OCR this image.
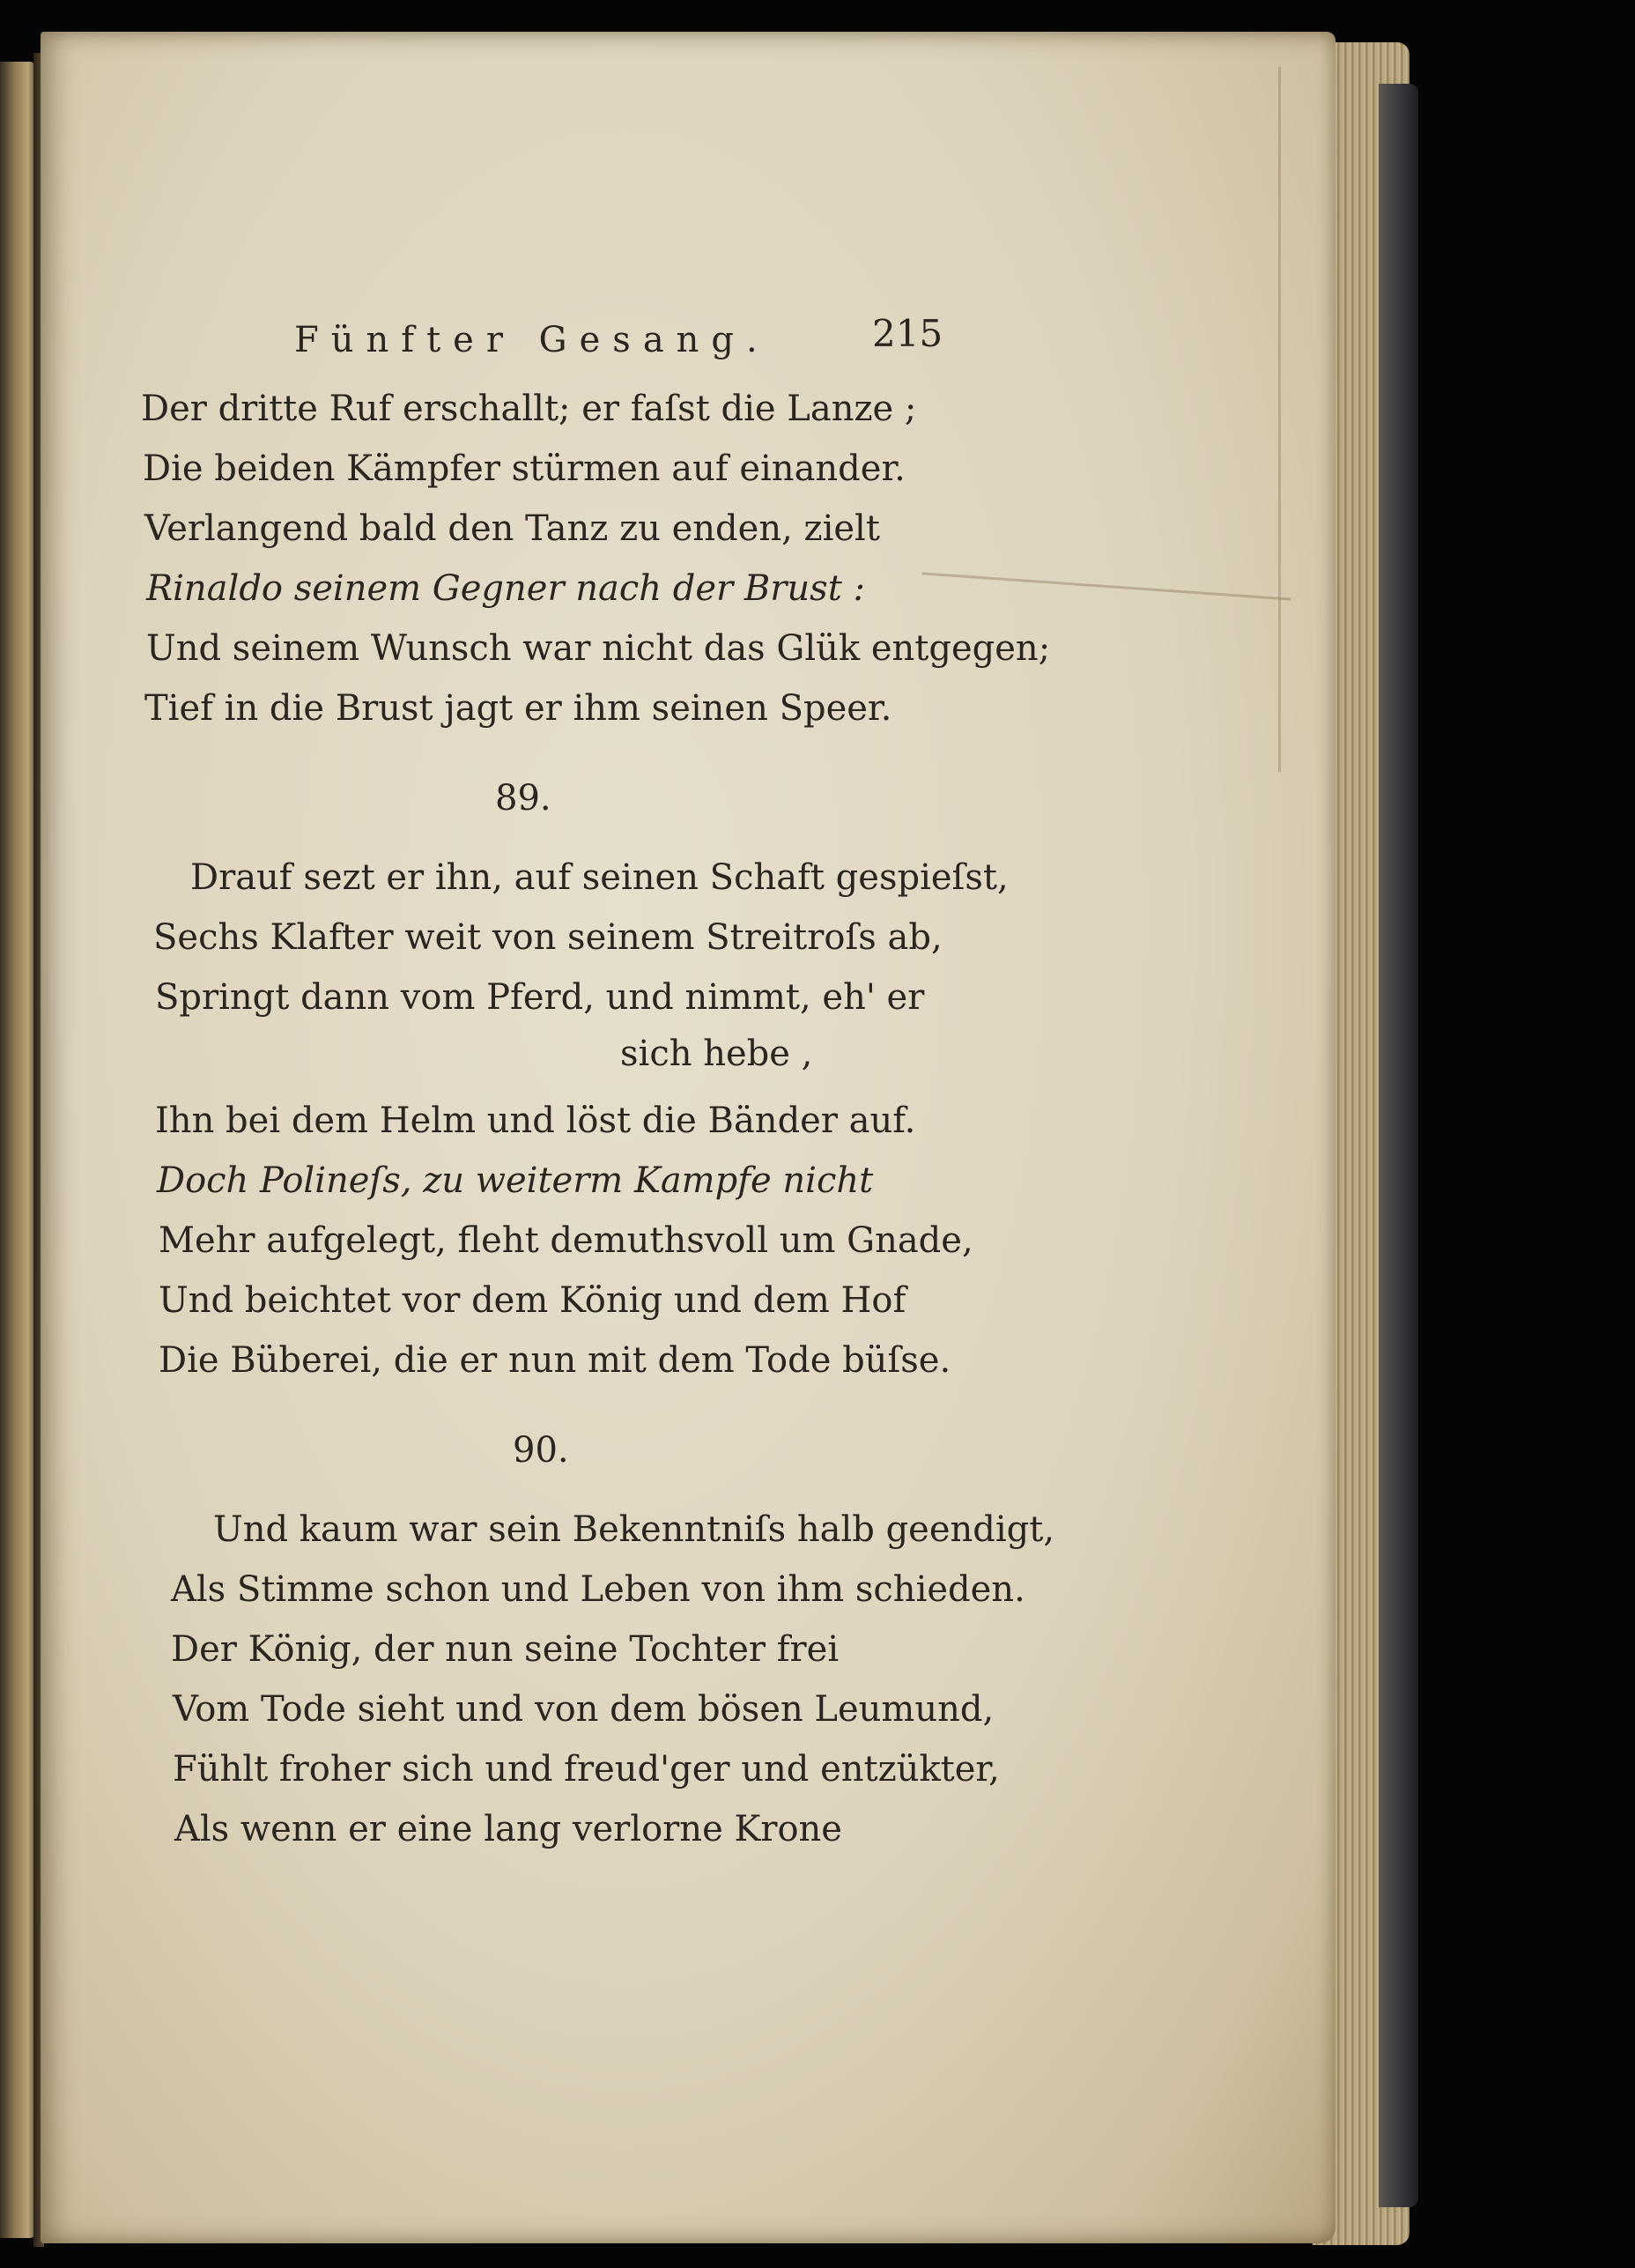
Fünfter Gesang.	215
Der dritte Ruf erschallt; er faſst die Lanze ;
Die beiden Kämpfer stürmen auf einander.
Verlangend bald den Tanz zu enden, zielt
Rinaldo seinem Gegner nach der Brust :
Und seinem Wunsch war nicht das Glük entgegen;
Tief in die Brust jagt er ihm seinen Speer.
89.
Drauf sezt er ihn, auf seinen Schaft gespieſst,
Sechs Klafter weit von seinem Streitroſs ab,
Springt dann vom Pferd, und nimmt, eh' er
sich hebe ,
Ihn bei dem Helm und löst die Bänder auf.
Doch Polineſs, zu weiterm Kampfe nicht
Mehr aufgelegt, fleht demuthsvoll um Gnade,
Und beichtet vor dem König und dem Hof
Die Büberei, die er nun mit dem Tode büſse.
90.
Und kaum war sein Bekenntniſs halb geendigt,
Als Stimme schon und Leben von ihm schieden.
Der König, der nun seine Tochter frei
Vom Tode sieht und von dem bösen Leumund,
Fühlt froher sich und freud'ger und entzükter,
Als wenn er eine lang verlorne Krone
